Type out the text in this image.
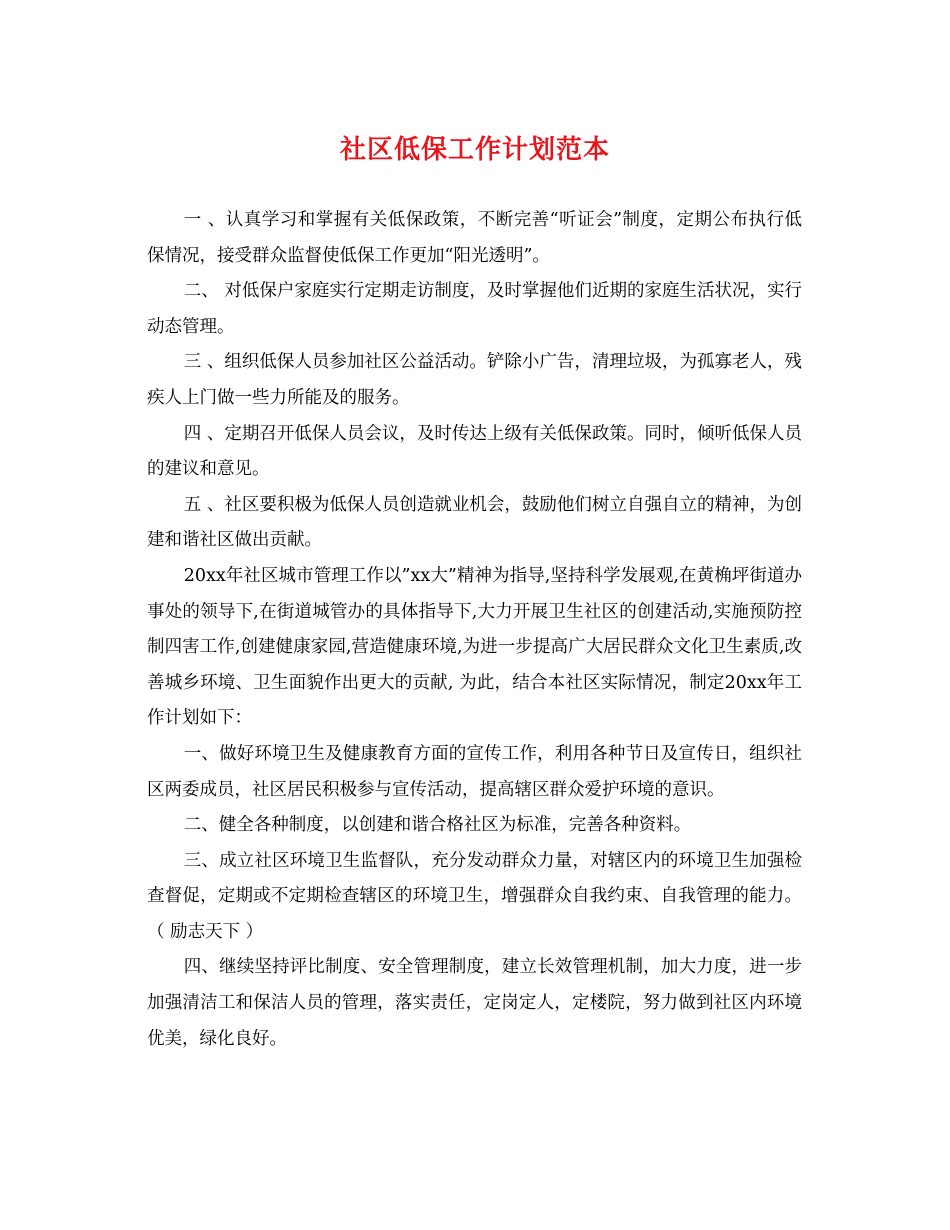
社区低保工作计划范本

一 、认真学习和掌握有关低保政策，不断完善“听证会”制度，定期公布执行低保情况，接受群众监督使低保工作更加“阳光透明”。

二、 对低保户家庭实行定期走访制度，及时掌握他们近期的家庭生活状况，实行动态管理。

三 、组织低保人员参加社区公益活动。铲除小广告，清理垃圾，为孤寡老人，残疾人上门做一些力所能及的服务。

四 、定期召开低保人员会议，及时传达上级有关低保政策。同时，倾听低保人员的建议和意见。

五 、社区要积极为低保人员创造就业机会，鼓励他们树立自强自立的精神，为创建和谐社区做出贡献。

20xx年社区城市管理工作以”xx大”精神为指导,坚持科学发展观,在黄桷坪街道办事处的领导下,在街道城管办的具体指导下,大力开展卫生社区的创建活动,实施预防控制四害工作,创建健康家园,营造健康环境,为进一步提高广大居民群众文化卫生素质,改善城乡环境、卫生面貌作出更大的贡献, 为此，结合本社区实际情况，制定20xx年工作计划如下：

一、做好环境卫生及健康教育方面的宣传工作，利用各种节日及宣传日，组织社区两委成员，社区居民积极参与宣传活动，提高辖区群众爱护环境的意识。

二、健全各种制度，以创建和谐合格社区为标准，完善各种资料。

三、成立社区环境卫生监督队，充分发动群众力量，对辖区内的环境卫生加强检查督促，定期或不定期检查辖区的环境卫生，增强群众自我约束、自我管理的能力。（ 励志天下 ）

四、继续坚持评比制度、安全管理制度，建立长效管理机制，加大力度，进一步加强清洁工和保洁人员的管理，落实责任，定岗定人，定楼院，努力做到社区内环境优美，绿化良好。
